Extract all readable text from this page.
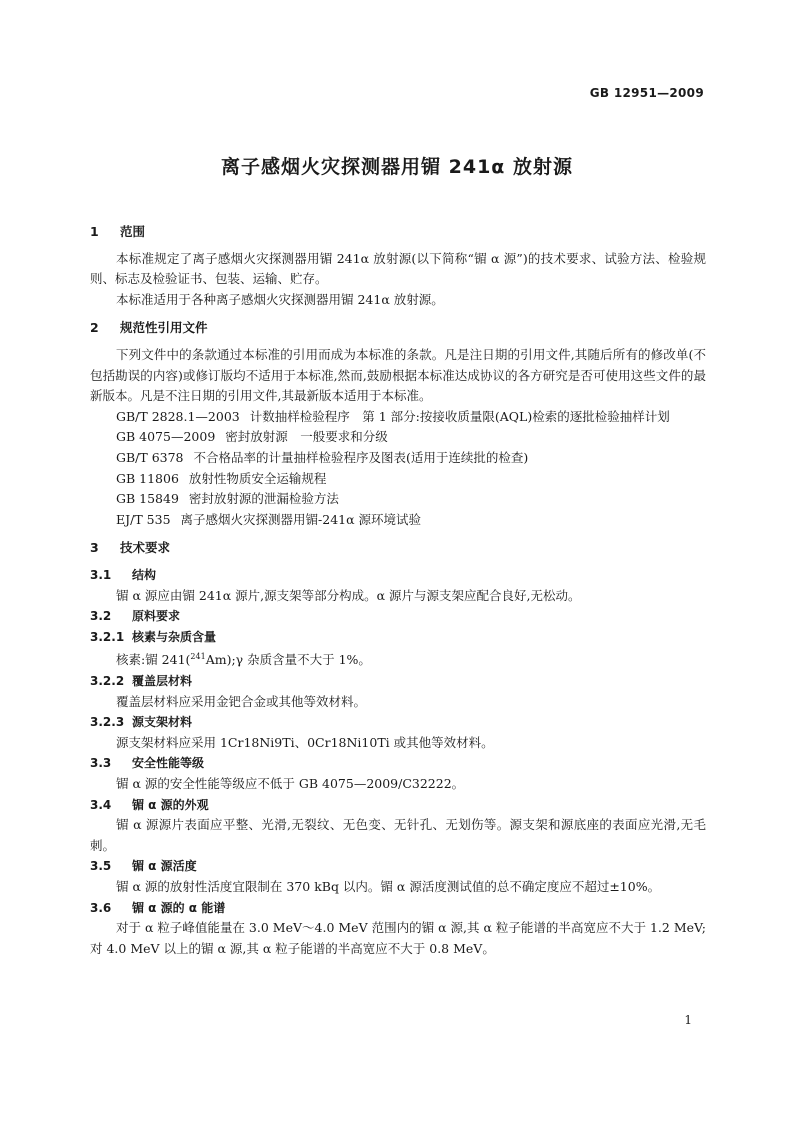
GB 12951—2009
离子感烟火灾探测器用镅 241α 放射源
1 范围

本标准规定了离子感烟火灾探测器用镅 241α 放射源(以下简称“镅 α 源”)的技术要求、试验方法、检验规则、标志及检验证书、包装、运输、贮存。

本标准适用于各种离子感烟火灾探测器用镅 241α 放射源。

2 规范性引用文件

下列文件中的条款通过本标准的引用而成为本标准的条款。凡是注日期的引用文件,其随后所有的修改单(不包括勘误的内容)或修订版均不适用于本标准,然而,鼓励根据本标准达成协议的各方研究是否可使用这些文件的最新版本。凡是不注日期的引用文件,其最新版本适用于本标准。

GB/T 2828.1—2003 计数抽样检验程序　第 1 部分:按接收质量限(AQL)检索的逐批检验抽样计划

GB 4075—2009 密封放射源　一般要求和分级

GB/T 6378 不合格品率的计量抽样检验程序及图表(适用于连续批的检查)

GB 11806 放射性物质安全运输规程

GB 15849 密封放射源的泄漏检验方法

EJ/T 535 离子感烟火灾探测器用镅-241α 源环境试验

3 技术要求
3.1 结构

镅 α 源应由镅 241α 源片,源支架等部分构成。α 源片与源支架应配合良好,无松动。

3.2 原料要求
3.2.1 核素与杂质含量

核素:镅 241($^{241}$Am);γ 杂质含量不大于 1%。

3.2.2 覆盖层材料

覆盖层材料应采用金钯合金或其他等效材料。

3.2.3 源支架材料

源支架材料应采用 1Cr18Ni9Ti、0Cr18Ni10Ti 或其他等效材料。

3.3 安全性能等级

镅 α 源的安全性能等级应不低于 GB 4075—2009/C32222。

3.4 镅 α 源的外观

镅 α 源源片表面应平整、光滑,无裂纹、无色变、无针孔、无划伤等。源支架和源底座的表面应光滑,无毛刺。

3.5 镅 α 源活度

镅 α 源的放射性活度宜限制在 370 kBq 以内。镅 α 源活度测试值的总不确定度应不超过±10%。

3.6 镅 α 源的 α 能谱

对于 α 粒子峰值能量在 3.0 MeV～4.0 MeV 范围内的镅 α 源,其 α 粒子能谱的半高宽应不大于 1.2 MeV;对 4.0 MeV 以上的镅 α 源,其 α 粒子能谱的半高宽应不大于 0.8 MeV。

1
